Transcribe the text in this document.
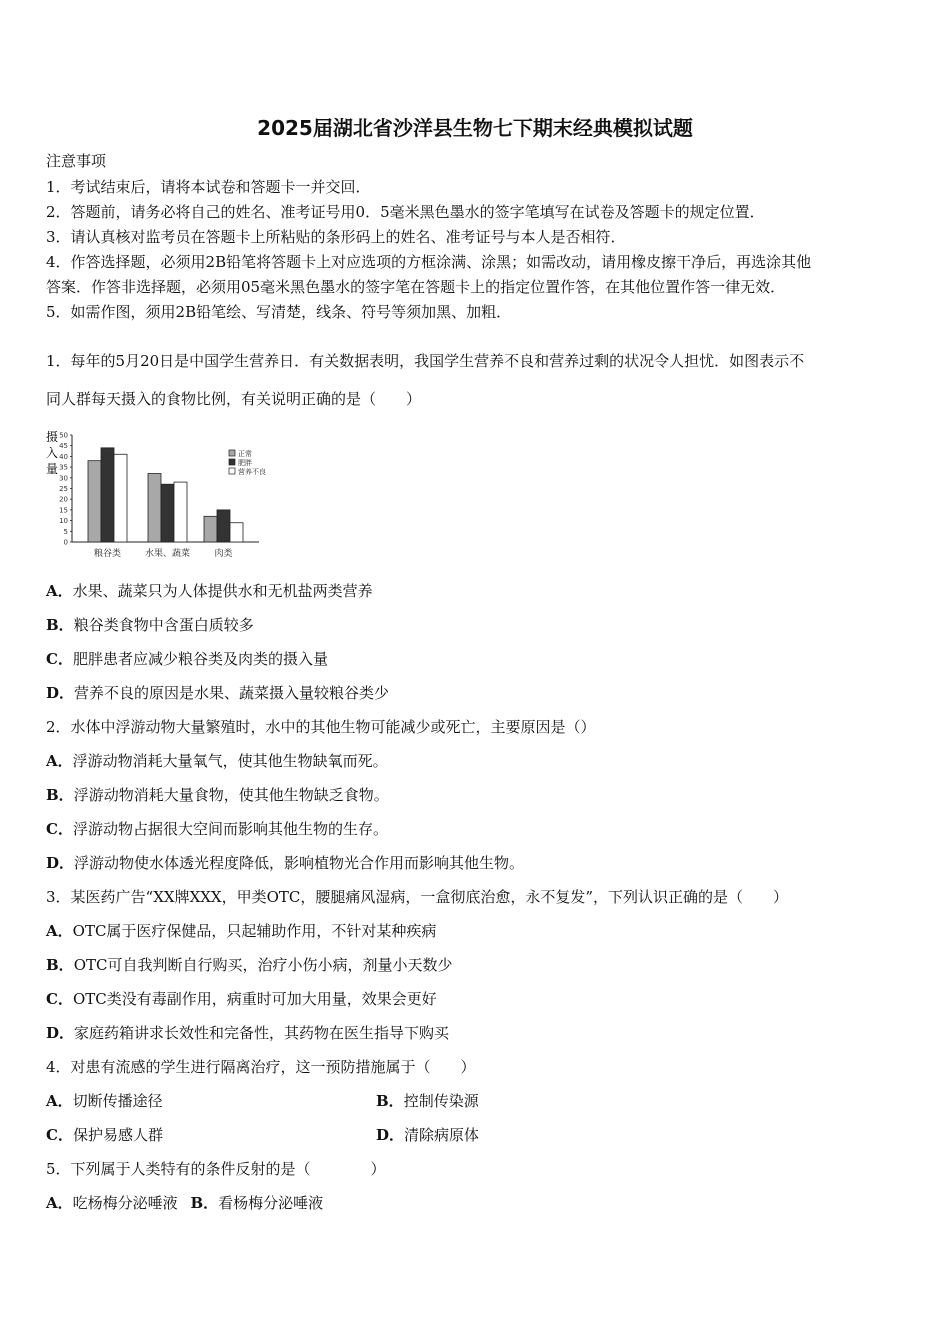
2025届湖北省沙洋县生物七下期末经典模拟试题
注意事项
1．考试结束后，请将本试卷和答题卡一并交回．
2．答题前，请务必将自己的姓名、准考证号用0．5毫米黑色墨水的签字笔填写在试卷及答题卡的规定位置．
3．请认真核对监考员在答题卡上所粘贴的条形码上的姓名、准考证号与本人是否相符．
4．作答选择题，必须用2B铅笔将答题卡上对应选项的方框涂满、涂黑；如需改动，请用橡皮擦干净后，再选涂其他
答案．作答非选择题，必须用05毫米黑色墨水的签字笔在答题卡上的指定位置作答，在其他位置作答一律无效．
5．如需作图，须用2B铅笔绘、写清楚，线条、符号等须加黑、加粗．
1．每年的5月20日是中国学生营养日．有关数据表明，我国学生营养不良和营养过剩的状况令人担忧．如图表示不
同人群每天摄入的食物比例，有关说明正确的是（　　）
摄
入
量
0
5
10
15
20
25
30
35
40
45
50
粮谷类	水果、蔬菜	肉类
正常
肥胖
营养不良
A．水果、蔬菜只为人体提供水和无机盐两类营养
B．粮谷类食物中含蛋白质较多
C．肥胖患者应减少粮谷类及肉类的摄入量
D．营养不良的原因是水果、蔬菜摄入量较粮谷类少
2．水体中浮游动物大量繁殖时，水中的其他生物可能减少或死亡，主要原因是（）
A．浮游动物消耗大量氧气，使其他生物缺氧而死。
B．浮游动物消耗大量食物，使其他生物缺乏食物。
C．浮游动物占据很大空间而影响其他生物的生存。
D．浮游动物使水体透光程度降低，影响植物光合作用而影响其他生物。
3．某医药广告“XX牌XXX，甲类OTC，腰腿痛风湿病，一盒彻底治愈，永不复发”，下列认识正确的是（　　）
A．OTC属于医疗保健品，只起辅助作用，不针对某种疾病
B．OTC可自我判断自行购买，治疗小伤小病，剂量小天数少
C．OTC类没有毒副作用，病重时可加大用量，效果会更好
D．家庭药箱讲求长效性和完备性，其药物在医生指导下购买
4．对患有流感的学生进行隔离治疗，这一预防措施属于（　　）
A．切断传播途径	B．控制传染源
C．保护易感人群	D．清除病原体
5．下列属于人类特有的条件反射的是（　　　　）
A．吃杨梅分泌唾液 B．看杨梅分泌唾液
